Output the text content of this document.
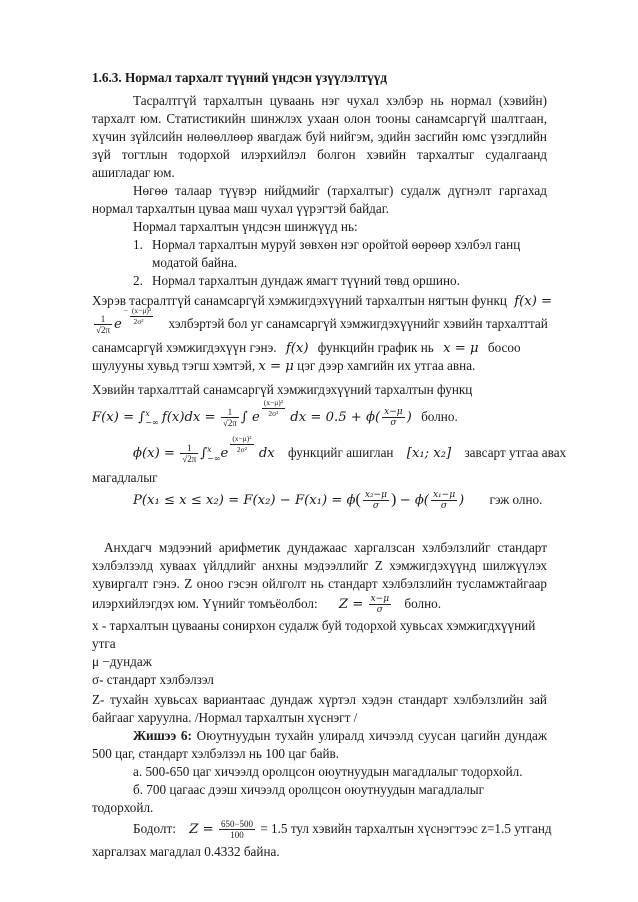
1.6.3. Нормал тархалт түүний үндсэн үзүүлэлтүүд
Тасралтгүй тархалтын цуваань нэг чухал хэлбэр нь нормал (хэвийн)
тархалт юм. Статистикийн шинжлэх ухаан олон тооны санамсаргүй шалтгаан,
хүчин зүйлсийн нөлөөллөөр явагдаж буй нийгэм, эдийн засгийн юмс үзэгдлийн
зүй тогтлын тодорхой илэрхийлэл болгон хэвийн тархалтыг судалгаанд
ашигладаг юм.
Нөгөө талаар түүвэр нийдмийг (тархалтыг) судалж дүгнэлт гаргахад
нормал тархалтын цуваа маш чухал үүрэгтэй байдаг.
Нормал тархалтын үндсэн шинжүүд нь:
1. Нормал тархалтын муруй зөвхөн нэг оройтой өөрөөр хэлбэл ганц
модатой байна.
2. Нормал тархалтын дундаж ямагт түүний төвд оршино.
Хэрэв тасралтгүй санамсаргүй хэмжигдэхүүний тархалтын нягтын функц f(x) =
$\frac{1}{√2\pi} e- (x-\mu)^2$
2σ²	хэлбэртэй бол уг санамсаргүй хэмжигдэхүүнийг хэвийн тархалттай
санамсаргүй хэмжигдэхүүн гэнэ. f(x) функцийн график нь x = μ босоо
шулууны хувьд тэгш хэмтэй, x = μ цэг дээр хамгийн их утгаа авна.
Хэвийн тархалттай санамсаргүй хэмжигдэхүүний тархалтын функц
F(x) = ∫ x
−∞ $f(x)dx = \frac{1}{√2\pi}$ ∫ e $\frac{\text{(x−μ)²}}{\text{2σ²}}$ dx = $0.5 + \phi( \frac{x-\mu}{\sigma}$ ) болно.
$\phi(x) = \frac{1}{√2\pi}$ ∫ x
−∞ e $\frac{\text{(x−μ)²}}{\text{2σ²}}$ dx функцийг ашиглан [x₁; x₂] завсарт утгаа авах
магадлалыг
$P(x_1 \le x \le x_2) = F(x_2) - F(x_1) = \phi( \frac{\text{x₂−μ}}{\sigma}$ ) − $\phi( \frac{\text{x₁−μ}}{\sigma}$ ) гэж олно.
Анхдагч мэдээний арифметик дундажаас харгалзсан хэлбэлзлийг стандарт
хэлбэлзэлд хуваах үйлдлийг анхны мэдээллийг Z хэмжигдэхүүнд шилжүүлэх
хувиргалт гэнэ. Z оноо гэсэн ойлголт нь стандарт хэлбэлзлийн тусламжтайгаар
илэрхийлэгдэх юм. Үүнийг томъёолбол: $Z = \frac{x-\mu}{\sigma}$ болно.
x - тархалтын цувааны сонирхон судалж буй тодорхой хувьсах хэмжигдхүүний
утга
μ −дундаж
σ- стандарт хэлбэлзэл
Z- тухайн хувьсах вариантаас дундаж хүртэл хэдэн стандарт хэлбэлзлийн зай
байгааг харуулна. /Нормал тархалтын хүснэгт /
Жишээ 6: Оюутнуудын тухайн улиралд хичээлд суусан цагийн дундаж
500 цаг, стандарт хэлбэлзэл нь 100 цаг байв.
а. 500-650 цаг хичээлд оролцсон оюутнуудын магадлалыг тодорхойл.
б. 700 цагаас дээш хичээлд оролцсон оюутнуудын магадлалыг
тодорхойл.
Бодолт: $Z = \frac{650-500}{100} = 1.5$ тул хэвийн тархалтын хүснэгтээс z=1.5 утганд
харгалзах магадлал 0.4332 байна.
